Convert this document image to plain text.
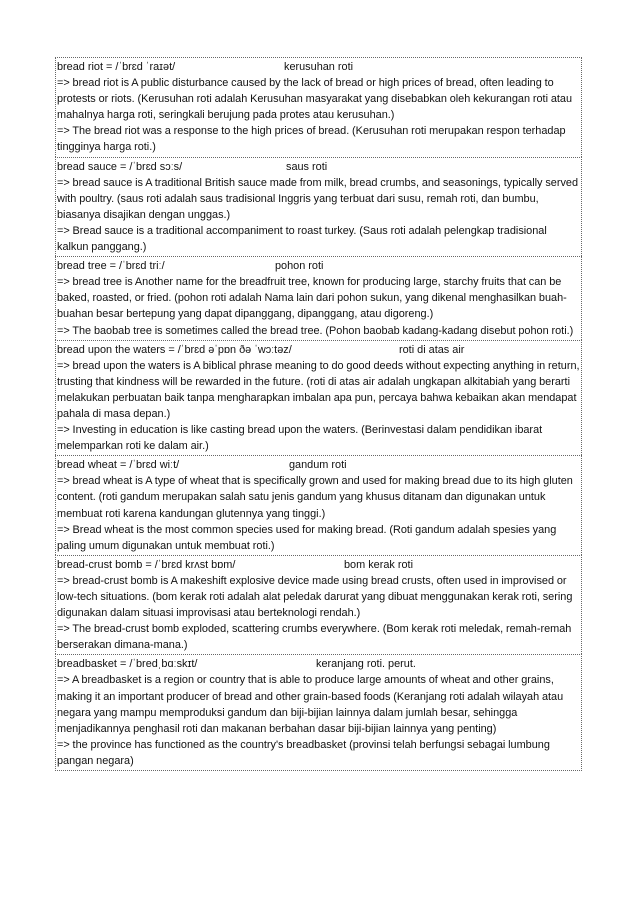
bread riot = /ˈbrɛd ˈraɪət/	kerusuhan roti
=> bread riot is A public disturbance caused by the lack of bread or high prices of bread, often leading to protests or riots. (Kerusuhan roti adalah Kerusuhan masyarakat yang disebabkan oleh kekurangan roti atau mahalnya harga roti, seringkali berujung pada protes atau kerusuhan.)
=> The bread riot was a response to the high prices of bread. (Kerusuhan roti merupakan respon terhadap tingginya harga roti.)
bread sauce = /ˈbrɛd sɔːs/	saus roti
=> bread sauce is A traditional British sauce made from milk, bread crumbs, and seasonings, typically served with poultry. (saus roti adalah saus tradisional Inggris yang terbuat dari susu, remah roti, dan bumbu, biasanya disajikan dengan unggas.)
=> Bread sauce is a traditional accompaniment to roast turkey. (Saus roti adalah pelengkap tradisional kalkun panggang.)
bread tree = /ˈbrɛd triː/	pohon roti
=> bread tree is Another name for the breadfruit tree, known for producing large, starchy fruits that can be baked, roasted, or fried. (pohon roti adalah Nama lain dari pohon sukun, yang dikenal menghasilkan buah-buahan besar bertepung yang dapat dipanggang, dipanggang, atau digoreng.)
=> The baobab tree is sometimes called the bread tree. (Pohon baobab kadang-kadang disebut pohon roti.)
bread upon the waters = /ˈbrɛd əˈpɒn ðə ˈwɔːtəz/	roti di atas air
=> bread upon the waters is A biblical phrase meaning to do good deeds without expecting anything in return, trusting that kindness will be rewarded in the future. (roti di atas air adalah ungkapan alkitabiah yang berarti melakukan perbuatan baik tanpa mengharapkan imbalan apa pun, percaya bahwa kebaikan akan mendapat pahala di masa depan.)
=> Investing in education is like casting bread upon the waters. (Berinvestasi dalam pendidikan ibarat melemparkan roti ke dalam air.)
bread wheat = /ˈbrɛd wiːt/	gandum roti
=> bread wheat is A type of wheat that is specifically grown and used for making bread due to its high gluten content. (roti gandum merupakan salah satu jenis gandum yang khusus ditanam dan digunakan untuk membuat roti karena kandungan glutennya yang tinggi.)
=> Bread wheat is the most common species used for making bread. (Roti gandum adalah spesies yang paling umum digunakan untuk membuat roti.)
bread-crust bomb = /ˈbrɛd krʌst bɒm/	bom kerak roti
=> bread-crust bomb is A makeshift explosive device made using bread crusts, often used in improvised or low-tech situations. (bom kerak roti adalah alat peledak darurat yang dibuat menggunakan kerak roti, sering digunakan dalam situasi improvisasi atau berteknologi rendah.)
=> The bread-crust bomb exploded, scattering crumbs everywhere. (Bom kerak roti meledak, remah-remah berserakan dimana-mana.)
breadbasket = /ˈbredˌbɑːskɪt/	keranjang roti. perut.
=> A breadbasket is a region or country that is able to produce large amounts of wheat and other grains, making it an important producer of bread and other grain-based foods (Keranjang roti adalah wilayah atau negara yang mampu memproduksi gandum dan biji-bijian lainnya dalam jumlah besar, sehingga menjadikannya penghasil roti dan makanan berbahan dasar biji-bijian lainnya yang penting)
=> the province has functioned as the country's breadbasket (provinsi telah berfungsi sebagai lumbung pangan negara)
